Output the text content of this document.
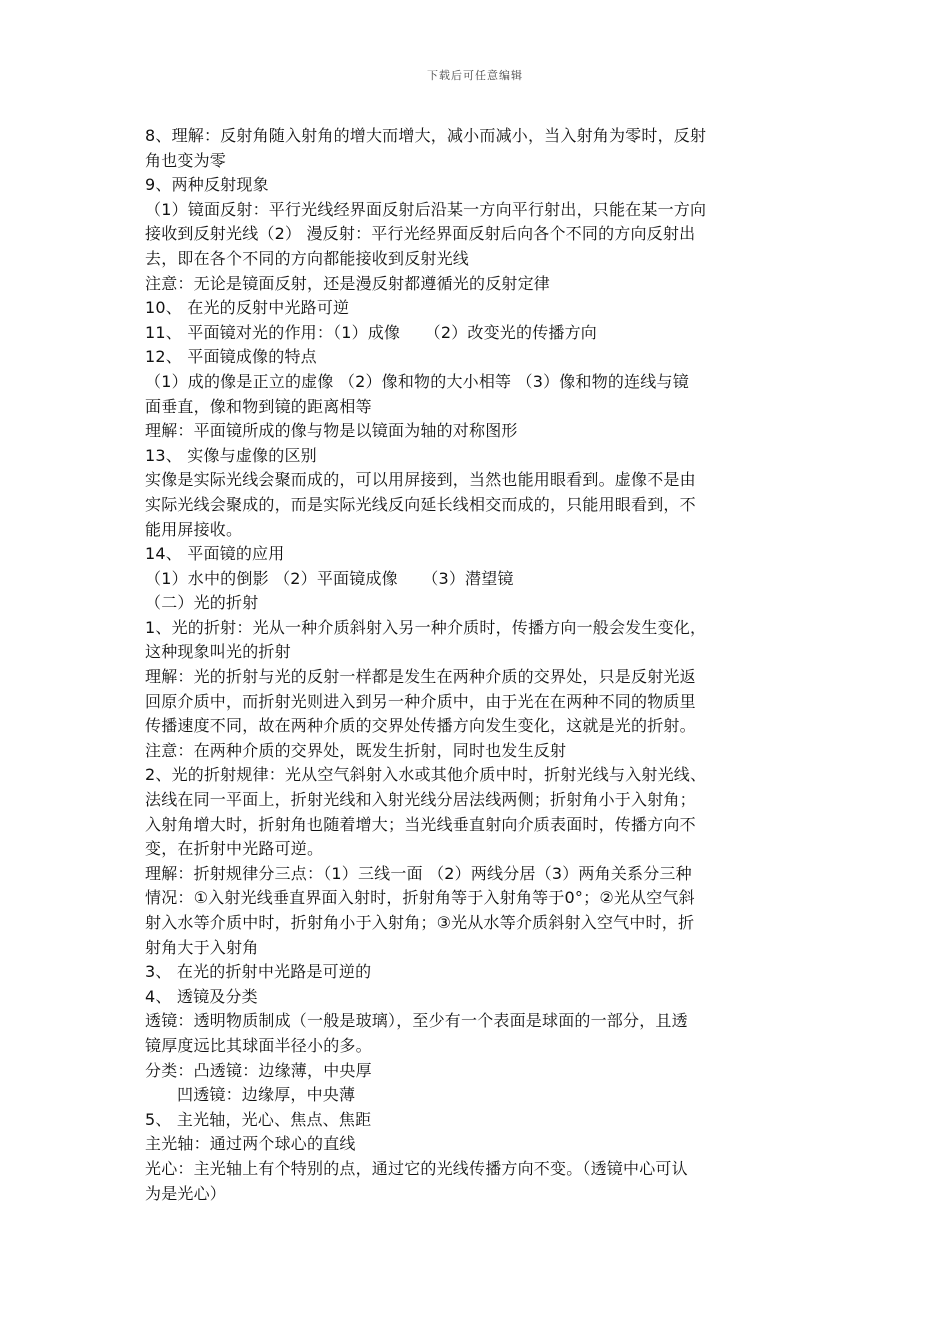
下载后可任意编辑
8、理解：反射角随入射角的增大而增大，减小而减小，当入射角为零时，反射
角也变为零
9、两种反射现象
（1）镜面反射：平行光线经界面反射后沿某一方向平行射出，只能在某一方向
接收到反射光线（2） 漫反射：平行光经界面反射后向各个不同的方向反射出
去，即在各个不同的方向都能接收到反射光线
注意：无论是镜面反射，还是漫反射都遵循光的反射定律
10、 在光的反射中光路可逆
11、 平面镜对光的作用：（1）成像　　（2）改变光的传播方向
12、 平面镜成像的特点
（1）成的像是正立的虚像 （2）像和物的大小相等 （3）像和物的连线与镜
面垂直，像和物到镜的距离相等
理解：平面镜所成的像与物是以镜面为轴的对称图形
13、 实像与虚像的区别
实像是实际光线会聚而成的，可以用屏接到，当然也能用眼看到。虚像不是由
实际光线会聚成的，而是实际光线反向延长线相交而成的，只能用眼看到，不
能用屏接收。
14、 平面镜的应用
（1）水中的倒影 （2）平面镜成像　　（3）潜望镜
（二）光的折射
1、光的折射：光从一种介质斜射入另一种介质时，传播方向一般会发生变化，
这种现象叫光的折射
理解：光的折射与光的反射一样都是发生在两种介质的交界处，只是反射光返
回原介质中，而折射光则进入到另一种介质中，由于光在在两种不同的物质里
传播速度不同，故在两种介质的交界处传播方向发生变化，这就是光的折射。
注意：在两种介质的交界处，既发生折射，同时也发生反射
2、光的折射规律：光从空气斜射入水或其他介质中时，折射光线与入射光线、
法线在同一平面上，折射光线和入射光线分居法线两侧；折射角小于入射角；
入射角增大时，折射角也随着增大；当光线垂直射向介质表面时，传播方向不
变，在折射中光路可逆。
理解：折射规律分三点：（1）三线一面 （2）两线分居（3）两角关系分三种
情况：①入射光线垂直界面入射时，折射角等于入射角等于0°；②光从空气斜
射入水等介质中时，折射角小于入射角；③光从水等介质斜射入空气中时，折
射角大于入射角
3、 在光的折射中光路是可逆的
4、 透镜及分类
透镜：透明物质制成（一般是玻璃），至少有一个表面是球面的一部分，且透
镜厚度远比其球面半径小的多。
分类：凸透镜：边缘薄，中央厚
凹透镜：边缘厚，中央薄
5、 主光轴，光心、焦点、焦距
主光轴：通过两个球心的直线
光心：主光轴上有个特别的点，通过它的光线传播方向不变。（透镜中心可认
为是光心）
